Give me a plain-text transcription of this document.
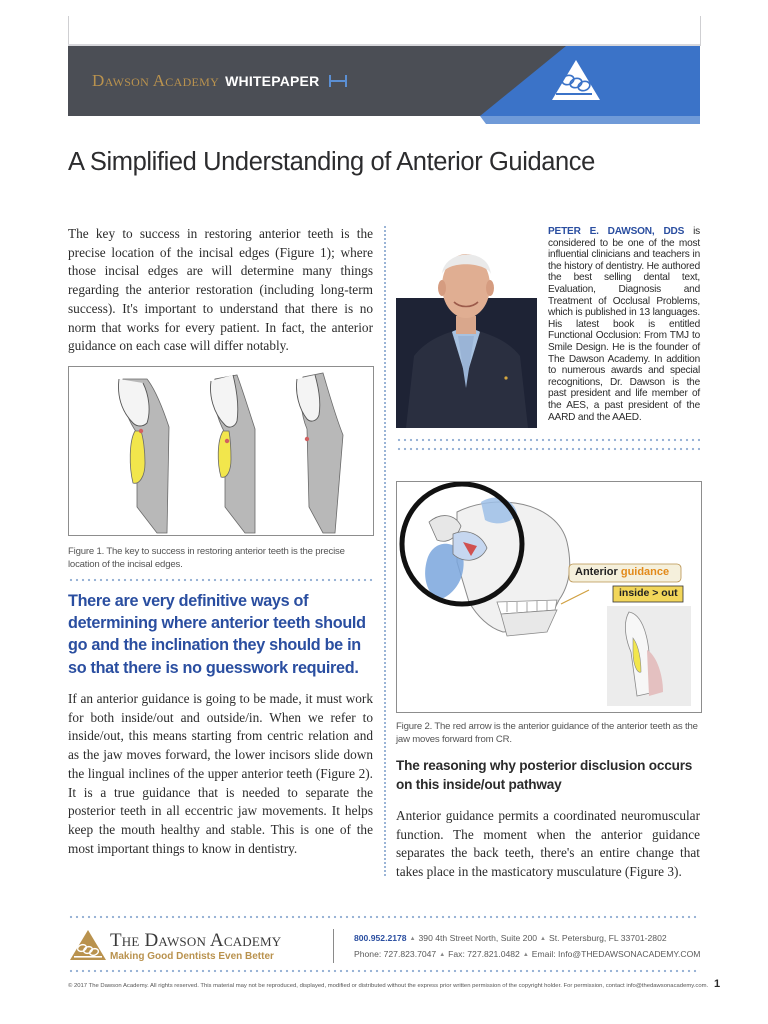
Dawson Academy WHITEPAPER
A Simplified Understanding of Anterior Guidance
The key to success in restoring anterior teeth is the precise location of the incisal edges (Figure 1); where those incisal edges are will determine many things regarding the anterior restoration (including long-term success). It's important to understand that there is no norm that works for every patient. In fact, the anterior guidance on each case will differ notably.
Figure 1. The key to success in restoring anterior teeth is the precise location of the incisal edges.
There are very definitive ways of determining where anterior teeth should go and the inclination they should be in so that there is no guesswork required.
If an anterior guidance is going to be made, it must work for both inside/out and outside/in. When we refer to inside/out, this means starting from centric relation and as the jaw moves forward, the lower incisors slide down the lingual inclines of the upper anterior teeth (Figure 2). It is a true guidance that is needed to separate the posterior teeth in all eccentric jaw movements. It helps keep the mouth healthy and stable. This is one of the most important things to know in dentistry.
PETER E. DAWSON, DDS is considered to be one of the most influential clinicians and teachers in the history of dentistry. He authored the best selling dental text, Evaluation, Diagnosis and Treatment of Occlusal Problems, which is published in 13 languages. His latest book is entitled Functional Occlusion: From TMJ to Smile Design. He is the founder of The Dawson Academy. In addition to numerous awards and special recognitions, Dr. Dawson is the past president and life member of the AES, a past president of the AARD and the AAED.
Anterior guidance
inside > out
Figure 2. The red arrow is the anterior guidance of the anterior teeth as the jaw moves forward from CR.
The reasoning why posterior disclusion occurs on this inside/out pathway
Anterior guidance permits a coordinated neuromuscular function. The moment when the anterior guidance separates the back teeth, there's an entire change that takes place in the masticatory musculature (Figure 3).
The Dawson Academy
Making Good Dentists Even Better
800.952.2178 ▲ 390 4th Street North, Suite 200 ▲ St. Petersburg, FL 33701-2802
Phone: 727.823.7047 ▲ Fax: 727.821.0482 ▲ Email: Info@THEDAWSONACADEMY.COM
© 2017 The Dawson Academy. All rights reserved. This material may not be reproduced, displayed, modified or distributed without the express prior written permission of the copyright holder. For permission, contact info@thedawsonacademy.com. 1
